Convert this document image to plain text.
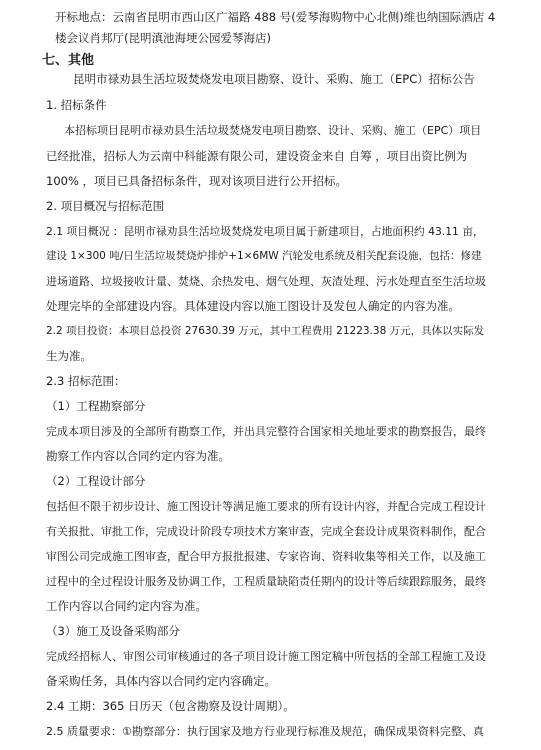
开标地点：云南省昆明市西山区广福路 488 号(爱琴海购物中心北侧)维也纳国际酒店 4
楼会议肖邦厅(昆明滇池海埂公园爱琴海店)
七、其他
昆明市禄劝县生活垃圾焚烧发电项目勘察、设计、采购、施工（EPC）招标公告
1. 招标条件
本招标项目昆明市禄劝县生活垃圾焚烧发电项目勘察、设计、采购、施工（EPC）项目
已经批准，招标人为云南中科能源有限公司，建设资金来自 自筹 ，项目出资比例为
100% ，项目已具备招标条件，现对该项目进行公开招标。
2. 项目概况与招标范围
2.1 项目概况 ：昆明市禄劝县生活垃圾焚烧发电项目属于新建项目，占地面积约 43.11 亩，
建设 1×300 吨/日生活垃圾焚烧炉排炉+1×6MW 汽轮发电系统及相关配套设施，包括：修建
进场道路、垃圾接收计量、焚烧、余热发电、烟气处理、灰渣处理、污水处理直至生活垃圾
处理完毕的全部建设内容。具体建设内容以施工图设计及发包人确定的内容为准。
2.2 项目投资：本项目总投资 27630.39 万元，其中工程费用 21223.38 万元，具体以实际发
生为准。
2.3 招标范围：
（1）工程勘察部分
完成本项目涉及的全部所有勘察工作，并出具完整符合国家相关地址要求的勘察报告，最终
勘察工作内容以合同约定内容为准。
（2）工程设计部分
包括但不限于初步设计、施工图设计等满足施工要求的所有设计内容，并配合完成工程设计
有关报批、审批工作，完成设计阶段专项技术方案审查，完成全套设计成果资料制作，配合
审图公司完成施工图审查，配合甲方报批报建、专家咨询、资料收集等相关工作，以及施工
过程中的全过程设计服务及协调工作，工程质量缺陷责任期内的设计等后续跟踪服务，最终
工作内容以合同约定内容为准。
（3）施工及设备采购部分
完成经招标人、审图公司审核通过的各子项目设计施工图定稿中所包括的全部工程施工及设
备采购任务，具体内容以合同约定内容确定。
2.4 工期：365 日历天（包含勘察及设计周期）。
2.5 质量要求：①勘察部分：执行国家及地方行业现行标准及规范，确保成果资料完整、真
